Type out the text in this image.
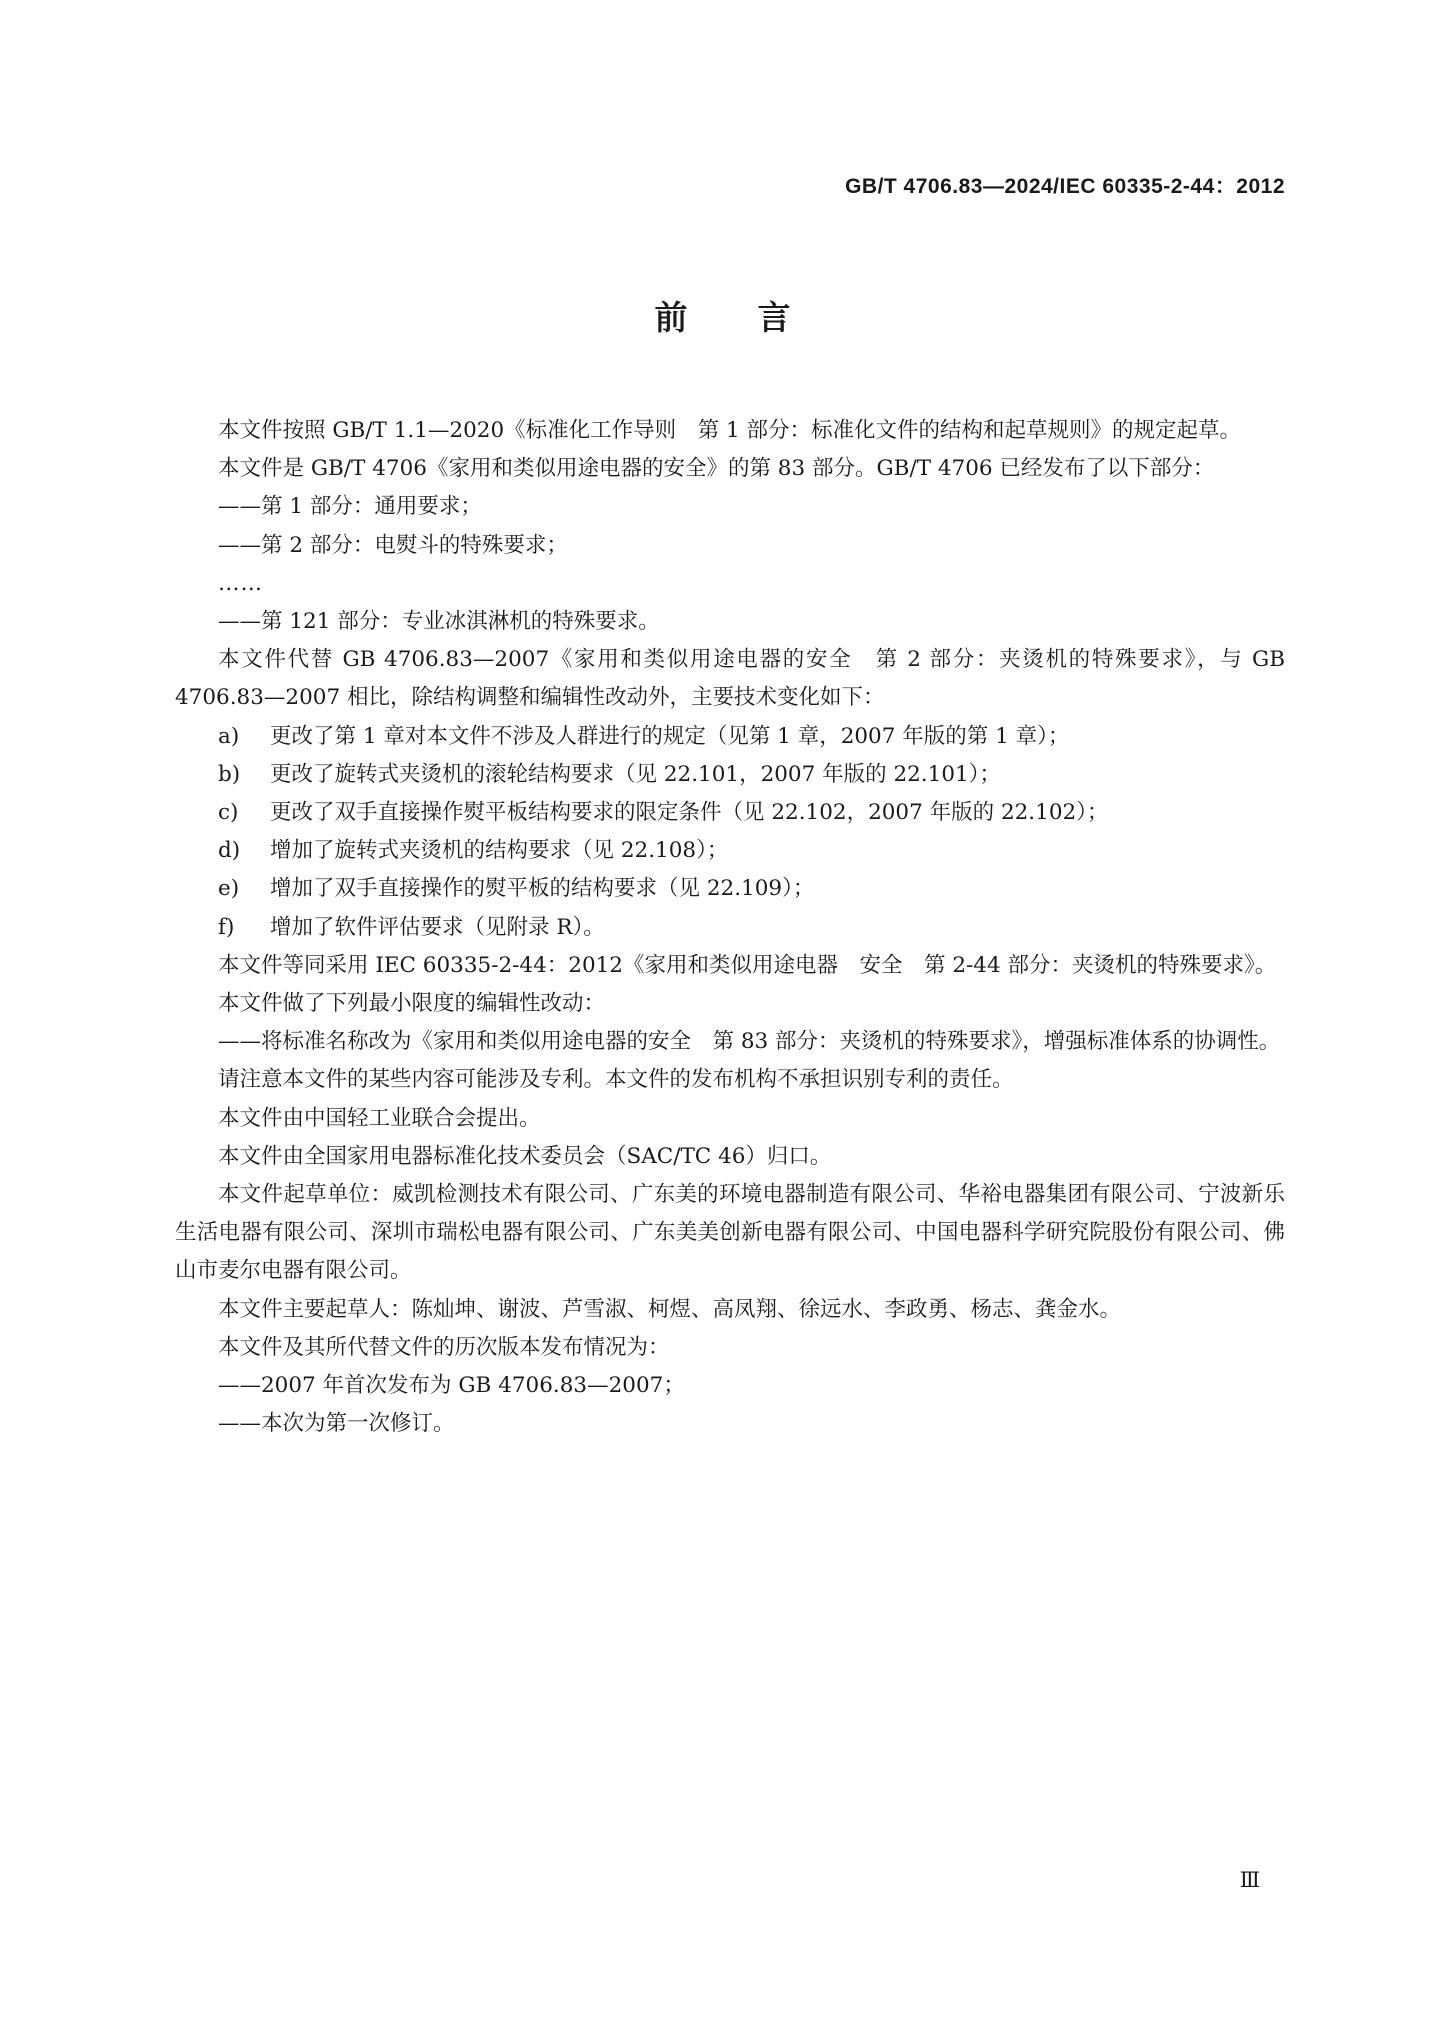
GB/T 4706.83—2024/IEC 60335-2-44：2012
前言

本文件按照 GB/T 1.1—2020《标准化工作导则　第 1 部分：标准化文件的结构和起草规则》的规定起草。

本文件是 GB/T 4706《家用和类似用途电器的安全》的第 83 部分。GB/T 4706 已经发布了以下部分：

——第 1 部分：通用要求；

——第 2 部分：电熨斗的特殊要求；

……

——第 121 部分：专业冰淇淋机的特殊要求。

本文件代替 GB 4706.83—2007《家用和类似用途电器的安全　第 2 部分：夹烫机的特殊要求》，与 GB 4706.83—2007 相比，除结构调整和编辑性改动外，主要技术变化如下：

a) 更改了第 1 章对本文件不涉及人群进行的规定（见第 1 章，2007 年版的第 1 章）；

b) 更改了旋转式夹烫机的滚轮结构要求（见 22.101，2007 年版的 22.101）；

c) 更改了双手直接操作熨平板结构要求的限定条件（见 22.102，2007 年版的 22.102）；

d) 增加了旋转式夹烫机的结构要求（见 22.108）；

e) 增加了双手直接操作的熨平板的结构要求（见 22.109）；

f) 增加了软件评估要求（见附录 R）。

本文件等同采用 IEC 60335-2-44：2012《家用和类似用途电器　安全　第 2-44 部分：夹烫机的特殊要求》。

本文件做了下列最小限度的编辑性改动：

——将标准名称改为《家用和类似用途电器的安全　第 83 部分：夹烫机的特殊要求》，增强标准体系的协调性。

请注意本文件的某些内容可能涉及专利。本文件的发布机构不承担识别专利的责任。

本文件由中国轻工业联合会提出。

本文件由全国家用电器标准化技术委员会（SAC/TC 46）归口。

本文件起草单位：威凯检测技术有限公司、广东美的环境电器制造有限公司、华裕电器集团有限公司、宁波新乐生活电器有限公司、深圳市瑞松电器有限公司、广东美美创新电器有限公司、中国电器科学研究院股份有限公司、佛山市麦尔电器有限公司。

本文件主要起草人：陈灿坤、谢波、芦雪淑、柯煜、高凤翔、徐远水、李政勇、杨志、龚金水。

本文件及其所代替文件的历次版本发布情况为：

——2007 年首次发布为 GB 4706.83—2007；

——本次为第一次修订。

Ⅲ
